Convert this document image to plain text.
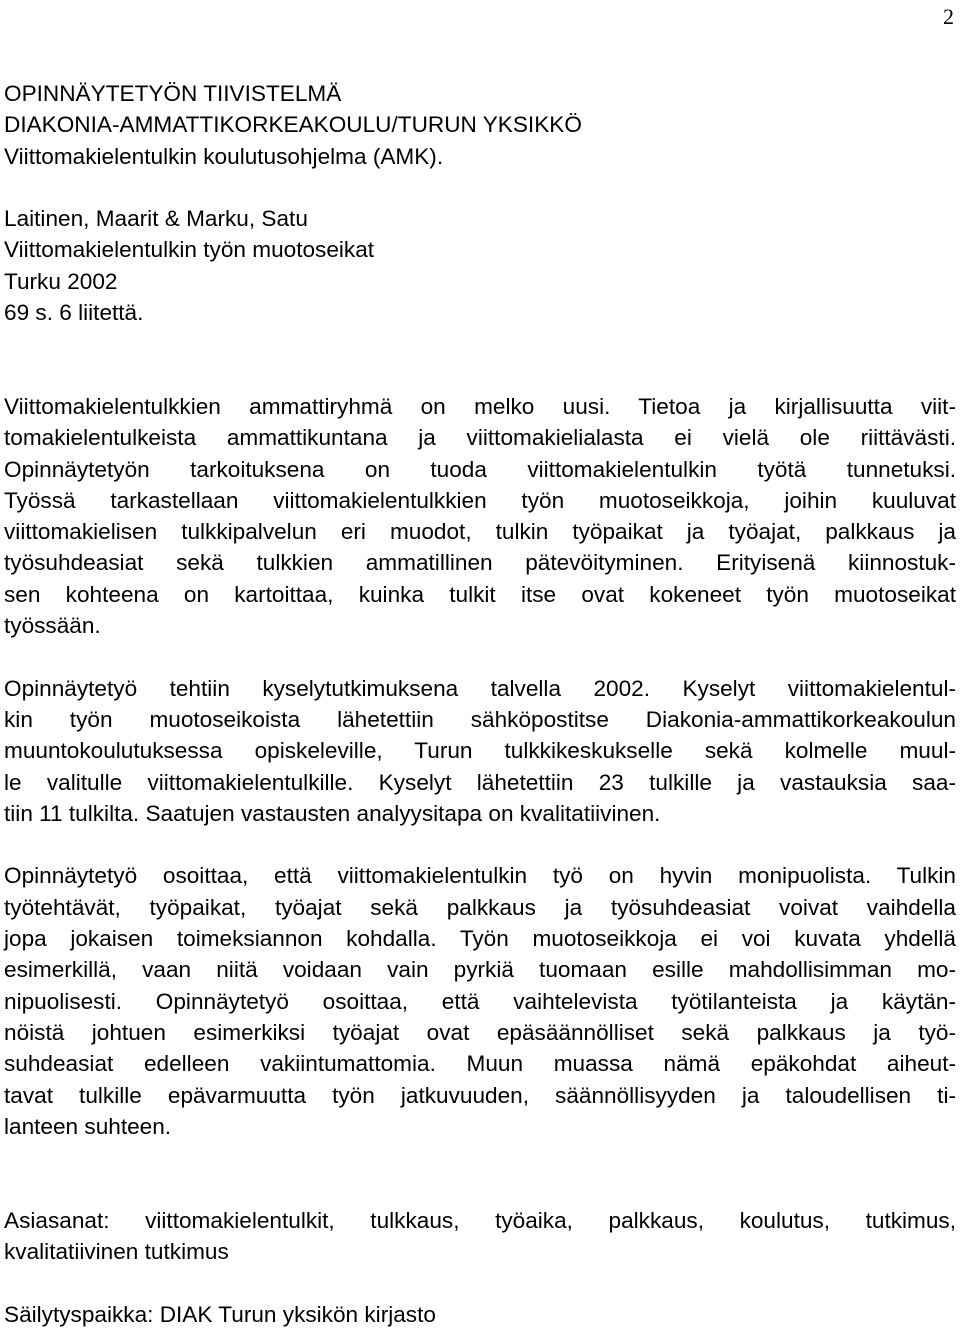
2
OPINNÄYTETYÖN TIIVISTELMÄ
DIAKONIA-AMMATTIKORKEAKOULU/TURUN YKSIKKÖ
Viittomakielentulkin koulutusohjelma (AMK).
Laitinen, Maarit & Marku, Satu
Viittomakielentulkin työn muotoseikat
Turku 2002
69 s. 6 liitettä.
Viittomakielentulkkien ammattiryhmä on melko uusi. Tietoa ja kirjallisuutta viit-
tomakielentulkeista ammattikuntana ja viittomakielialasta ei vielä ole riittävästi.
Opinnäytetyön tarkoituksena on tuoda viittomakielentulkin työtä tunnetuksi.
Työssä tarkastellaan viittomakielentulkkien työn muotoseikkoja, joihin kuuluvat
viittomakielisen tulkkipalvelun eri muodot, tulkin työpaikat ja työajat, palkkaus ja
työsuhdeasiat sekä tulkkien ammatillinen pätevöityminen. Erityisenä kiinnostuk-
sen kohteena on kartoittaa, kuinka tulkit itse ovat kokeneet työn muotoseikat
työssään.
Opinnäytetyö tehtiin kyselytutkimuksena talvella 2002. Kyselyt viittomakielentul-
kin työn muotoseikoista lähetettiin sähköpostitse Diakonia-ammattikorkeakoulun
muuntokoulutuksessa opiskeleville, Turun tulkkikeskukselle sekä kolmelle muul-
le valitulle viittomakielentulkille. Kyselyt lähetettiin 23 tulkille ja vastauksia saa-
tiin 11 tulkilta. Saatujen vastausten analyysitapa on kvalitatiivinen.
Opinnäytetyö osoittaa, että viittomakielentulkin työ on hyvin monipuolista. Tulkin
työtehtävät, työpaikat, työajat sekä palkkaus ja työsuhdeasiat voivat vaihdella
jopa jokaisen toimeksiannon kohdalla. Työn muotoseikkoja ei voi kuvata yhdellä
esimerkillä, vaan niitä voidaan vain pyrkiä tuomaan esille mahdollisimman mo-
nipuolisesti. Opinnäytetyö osoittaa, että vaihtelevista työtilanteista ja käytän-
nöistä johtuen esimerkiksi työajat ovat epäsäännölliset sekä palkkaus ja työ-
suhdeasiat edelleen vakiintumattomia. Muun muassa nämä epäkohdat aiheut-
tavat tulkille epävarmuutta työn jatkuvuuden, säännöllisyyden ja taloudellisen ti-
lanteen suhteen.
Asiasanat: viittomakielentulkit, tulkkaus, työaika, palkkaus, koulutus, tutkimus,
kvalitatiivinen tutkimus
Säilytyspaikka: DIAK Turun yksikön kirjasto
